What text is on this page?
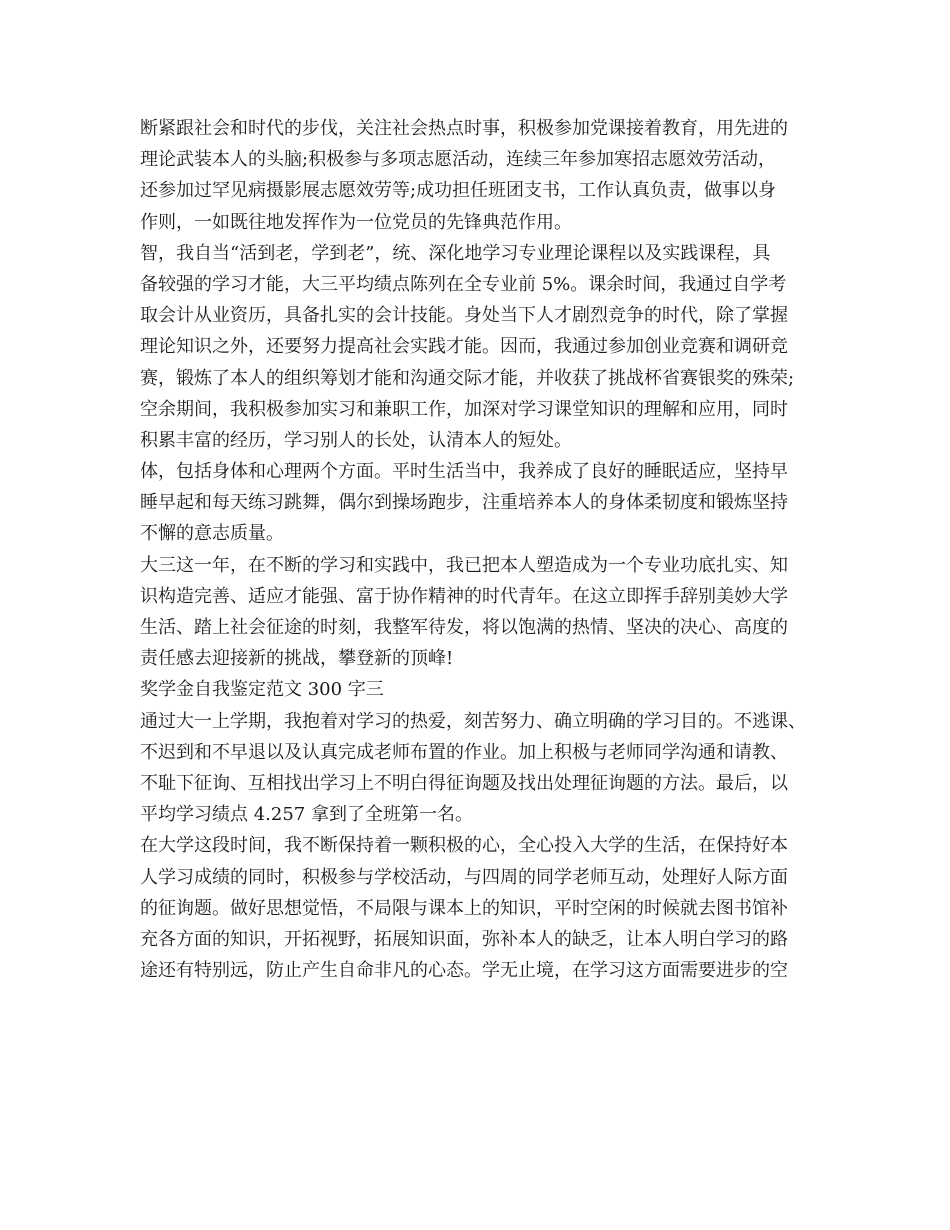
断紧跟社会和时代的步伐，关注社会热点时事，积极参加党课接着教育，用先进的
理论武装本人的头脑;积极参与多项志愿活动，连续三年参加寒招志愿效劳活动，
还参加过罕见病摄影展志愿效劳等;成功担任班团支书，工作认真负责，做事以身
作则，一如既往地发挥作为一位党员的先锋典范作用。
智，我自当“活到老，学到老”，统、深化地学习专业理论课程以及实践课程，具
备较强的学习才能，大三平均绩点陈列在全专业前 5%。课余时间，我通过自学考
取会计从业资历，具备扎实的会计技能。身处当下人才剧烈竞争的时代，除了掌握
理论知识之外，还要努力提高社会实践才能。因而，我通过参加创业竞赛和调研竞
赛，锻炼了本人的组织筹划才能和沟通交际才能，并收获了挑战杯省赛银奖的殊荣;
空余期间，我积极参加实习和兼职工作，加深对学习课堂知识的理解和应用，同时
积累丰富的经历，学习别人的长处，认清本人的短处。
体，包括身体和心理两个方面。平时生活当中，我养成了良好的睡眠适应，坚持早
睡早起和每天练习跳舞，偶尔到操场跑步，注重培养本人的身体柔韧度和锻炼坚持
不懈的意志质量。
大三这一年，在不断的学习和实践中，我已把本人塑造成为一个专业功底扎实、知
识构造完善、适应才能强、富于协作精神的时代青年。在这立即挥手辞别美妙大学
生活、踏上社会征途的时刻，我整军待发，将以饱满的热情、坚决的决心、高度的
责任感去迎接新的挑战，攀登新的顶峰!
奖学金自我鉴定范文 300 字三
通过大一上学期，我抱着对学习的热爱，刻苦努力、确立明确的学习目的。不逃课、
不迟到和不早退以及认真完成老师布置的作业。加上积极与老师同学沟通和请教、
不耻下征询、互相找出学习上不明白得征询题及找出处理征询题的方法。最后，以
平均学习绩点 4.257 拿到了全班第一名。
在大学这段时间，我不断保持着一颗积极的心，全心投入大学的生活，在保持好本
人学习成绩的同时，积极参与学校活动，与四周的同学老师互动，处理好人际方面
的征询题。做好思想觉悟，不局限与课本上的知识，平时空闲的时候就去图书馆补
充各方面的知识，开拓视野，拓展知识面，弥补本人的缺乏，让本人明白学习的路
途还有特别远，防止产生自命非凡的心态。学无止境，在学习这方面需要进步的空
